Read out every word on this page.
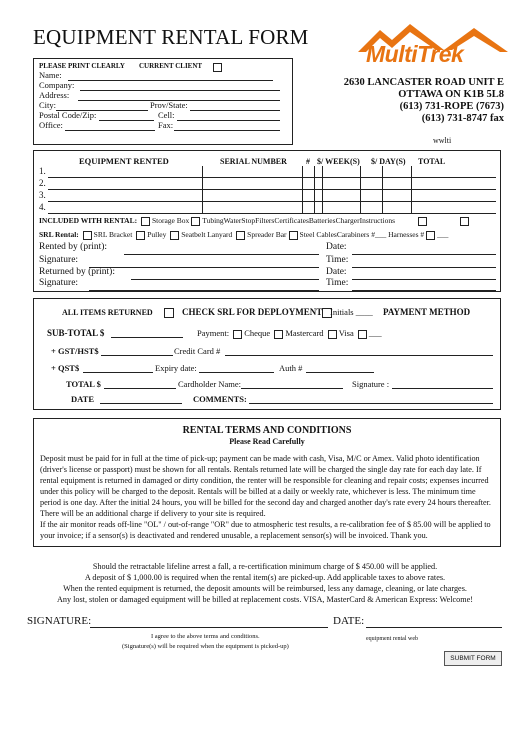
EQUIPMENT RENTAL FORM
MultiTrek
2630 LANCASTER ROAD UNIT E
OTTAWA ON K1B 5L8
(613) 731-ROPE (7673)
(613) 731-8747 fax
wwlti
PLEASE PRINT CLEARLY CURRENT CLIENT
Name:
Company:
Address:
City:	Prov/State:
Postal Code/Zip:	Cell:
Office:	Fax:
EQUIPMENT RENTED	SERIAL NUMBER # $/ WEEK(S) $/ DAY(S) TOTAL
1.
2.
3.
4.
INCLUDED WITH RENTAL: Storage Box TubingWaterStopFiltersCertificatesBatteriesChargerInstructions
SRL Rental: SRL Bracket Pulley Seatbelt Lanyard Spreader Bar Steel CablesCarabiners #___ Harnesses # ___
Rented by (print):	Date:
Signature:	Time:
Returned by (print):	Date:
Signature:	Time:
ALL ITEMS RETURNED	CHECK SRL FOR DEPLOYMENT Initials ____ PAYMENT METHOD
SUB-TOTAL $	Payment: Cheque Mastercard Visa ___
+ GST/HST$	Credit Card #
+ QST$	Expiry date:	Auth #
TOTAL $	Cardholder Name:	Signature :
DATE	COMMENTS:
RENTAL TERMS AND CONDITIONS
Please Read Carefully

Deposit must be paid for in full at the time of pick-up; payment can be made with cash, Visa, M/C or Amex. Valid photo identification (driver's license or passport) must be shown for all rentals. Rentals returned late will be charged the single day rate for each day late. If rental equipment is returned in damaged or dirty condition, the renter will be responsible for cleaning and repair costs; expenses incurred under this policy will be charged to the deposit. Rentals will be billed at a daily or weekly rate, whichever is less. The minimum time period is one day. After the initial 24 hours, you will be billed for the second day and charged another day's rate every 24 hours thereafter. There will be an additional charge if delivery to your site is required.

If the air monitor reads off-line "OL" / out-of-range "OR" due to atmospheric test results, a re-calibration fee of $ 85.00 will be applied to your invoice; if a sensor(s) is deactivated and rendered unusable, a replacement sensor(s) will be invoiced. Thank you.

Should the retractable lifeline arrest a fall, a re-certification minimum charge of $ 450.00 will be applied.
A deposit of $ 1,000.00 is required when the rental item(s) are picked-up. Add applicable taxes to above rates.
When the rented equipment is returned, the deposit amounts will be reimbursed, less any damage, cleaning, or late charges.
Any lost, stolen or damaged equipment will be billed at replacement costs. VISA, MasterCard & American Express: Welcome!
SIGNATURE:	DATE:
I agree to the above terms and conditions.
(Signature(s) will be required when the equipment is picked-up)
equipment rental web
SUBMIT FORM
